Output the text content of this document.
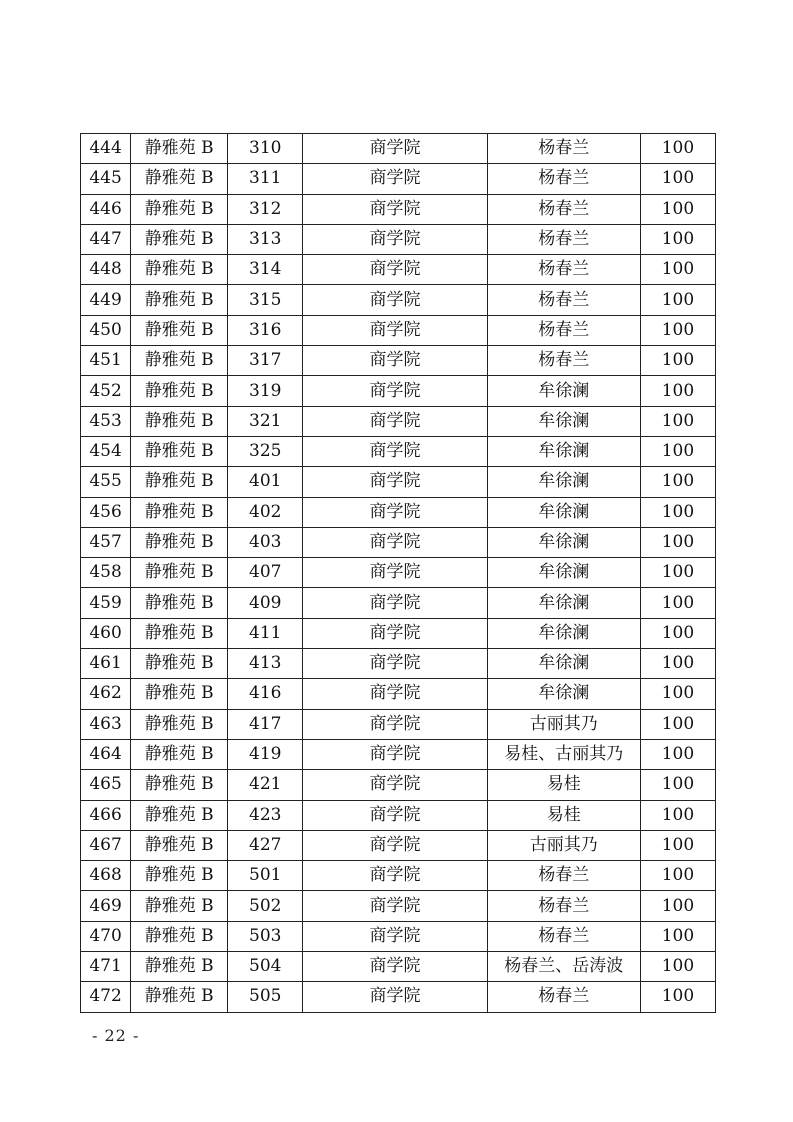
444	静雅苑 B	310	商学院	杨春兰	100
445	静雅苑 B	311	商学院	杨春兰	100
446	静雅苑 B	312	商学院	杨春兰	100
447	静雅苑 B	313	商学院	杨春兰	100
448	静雅苑 B	314	商学院	杨春兰	100
449	静雅苑 B	315	商学院	杨春兰	100
450	静雅苑 B	316	商学院	杨春兰	100
451	静雅苑 B	317	商学院	杨春兰	100
452	静雅苑 B	319	商学院	牟徐澜	100
453	静雅苑 B	321	商学院	牟徐澜	100
454	静雅苑 B	325	商学院	牟徐澜	100
455	静雅苑 B	401	商学院	牟徐澜	100
456	静雅苑 B	402	商学院	牟徐澜	100
457	静雅苑 B	403	商学院	牟徐澜	100
458	静雅苑 B	407	商学院	牟徐澜	100
459	静雅苑 B	409	商学院	牟徐澜	100
460	静雅苑 B	411	商学院	牟徐澜	100
461	静雅苑 B	413	商学院	牟徐澜	100
462	静雅苑 B	416	商学院	牟徐澜	100
463	静雅苑 B	417	商学院	古丽其乃	100
464	静雅苑 B	419	商学院	易桂、古丽其乃	100
465	静雅苑 B	421	商学院	易桂	100
466	静雅苑 B	423	商学院	易桂	100
467	静雅苑 B	427	商学院	古丽其乃	100
468	静雅苑 B	501	商学院	杨春兰	100
469	静雅苑 B	502	商学院	杨春兰	100
470	静雅苑 B	503	商学院	杨春兰	100
471	静雅苑 B	504	商学院	杨春兰、岳涛波	100
472	静雅苑 B	505	商学院	杨春兰	100
- 22 -
